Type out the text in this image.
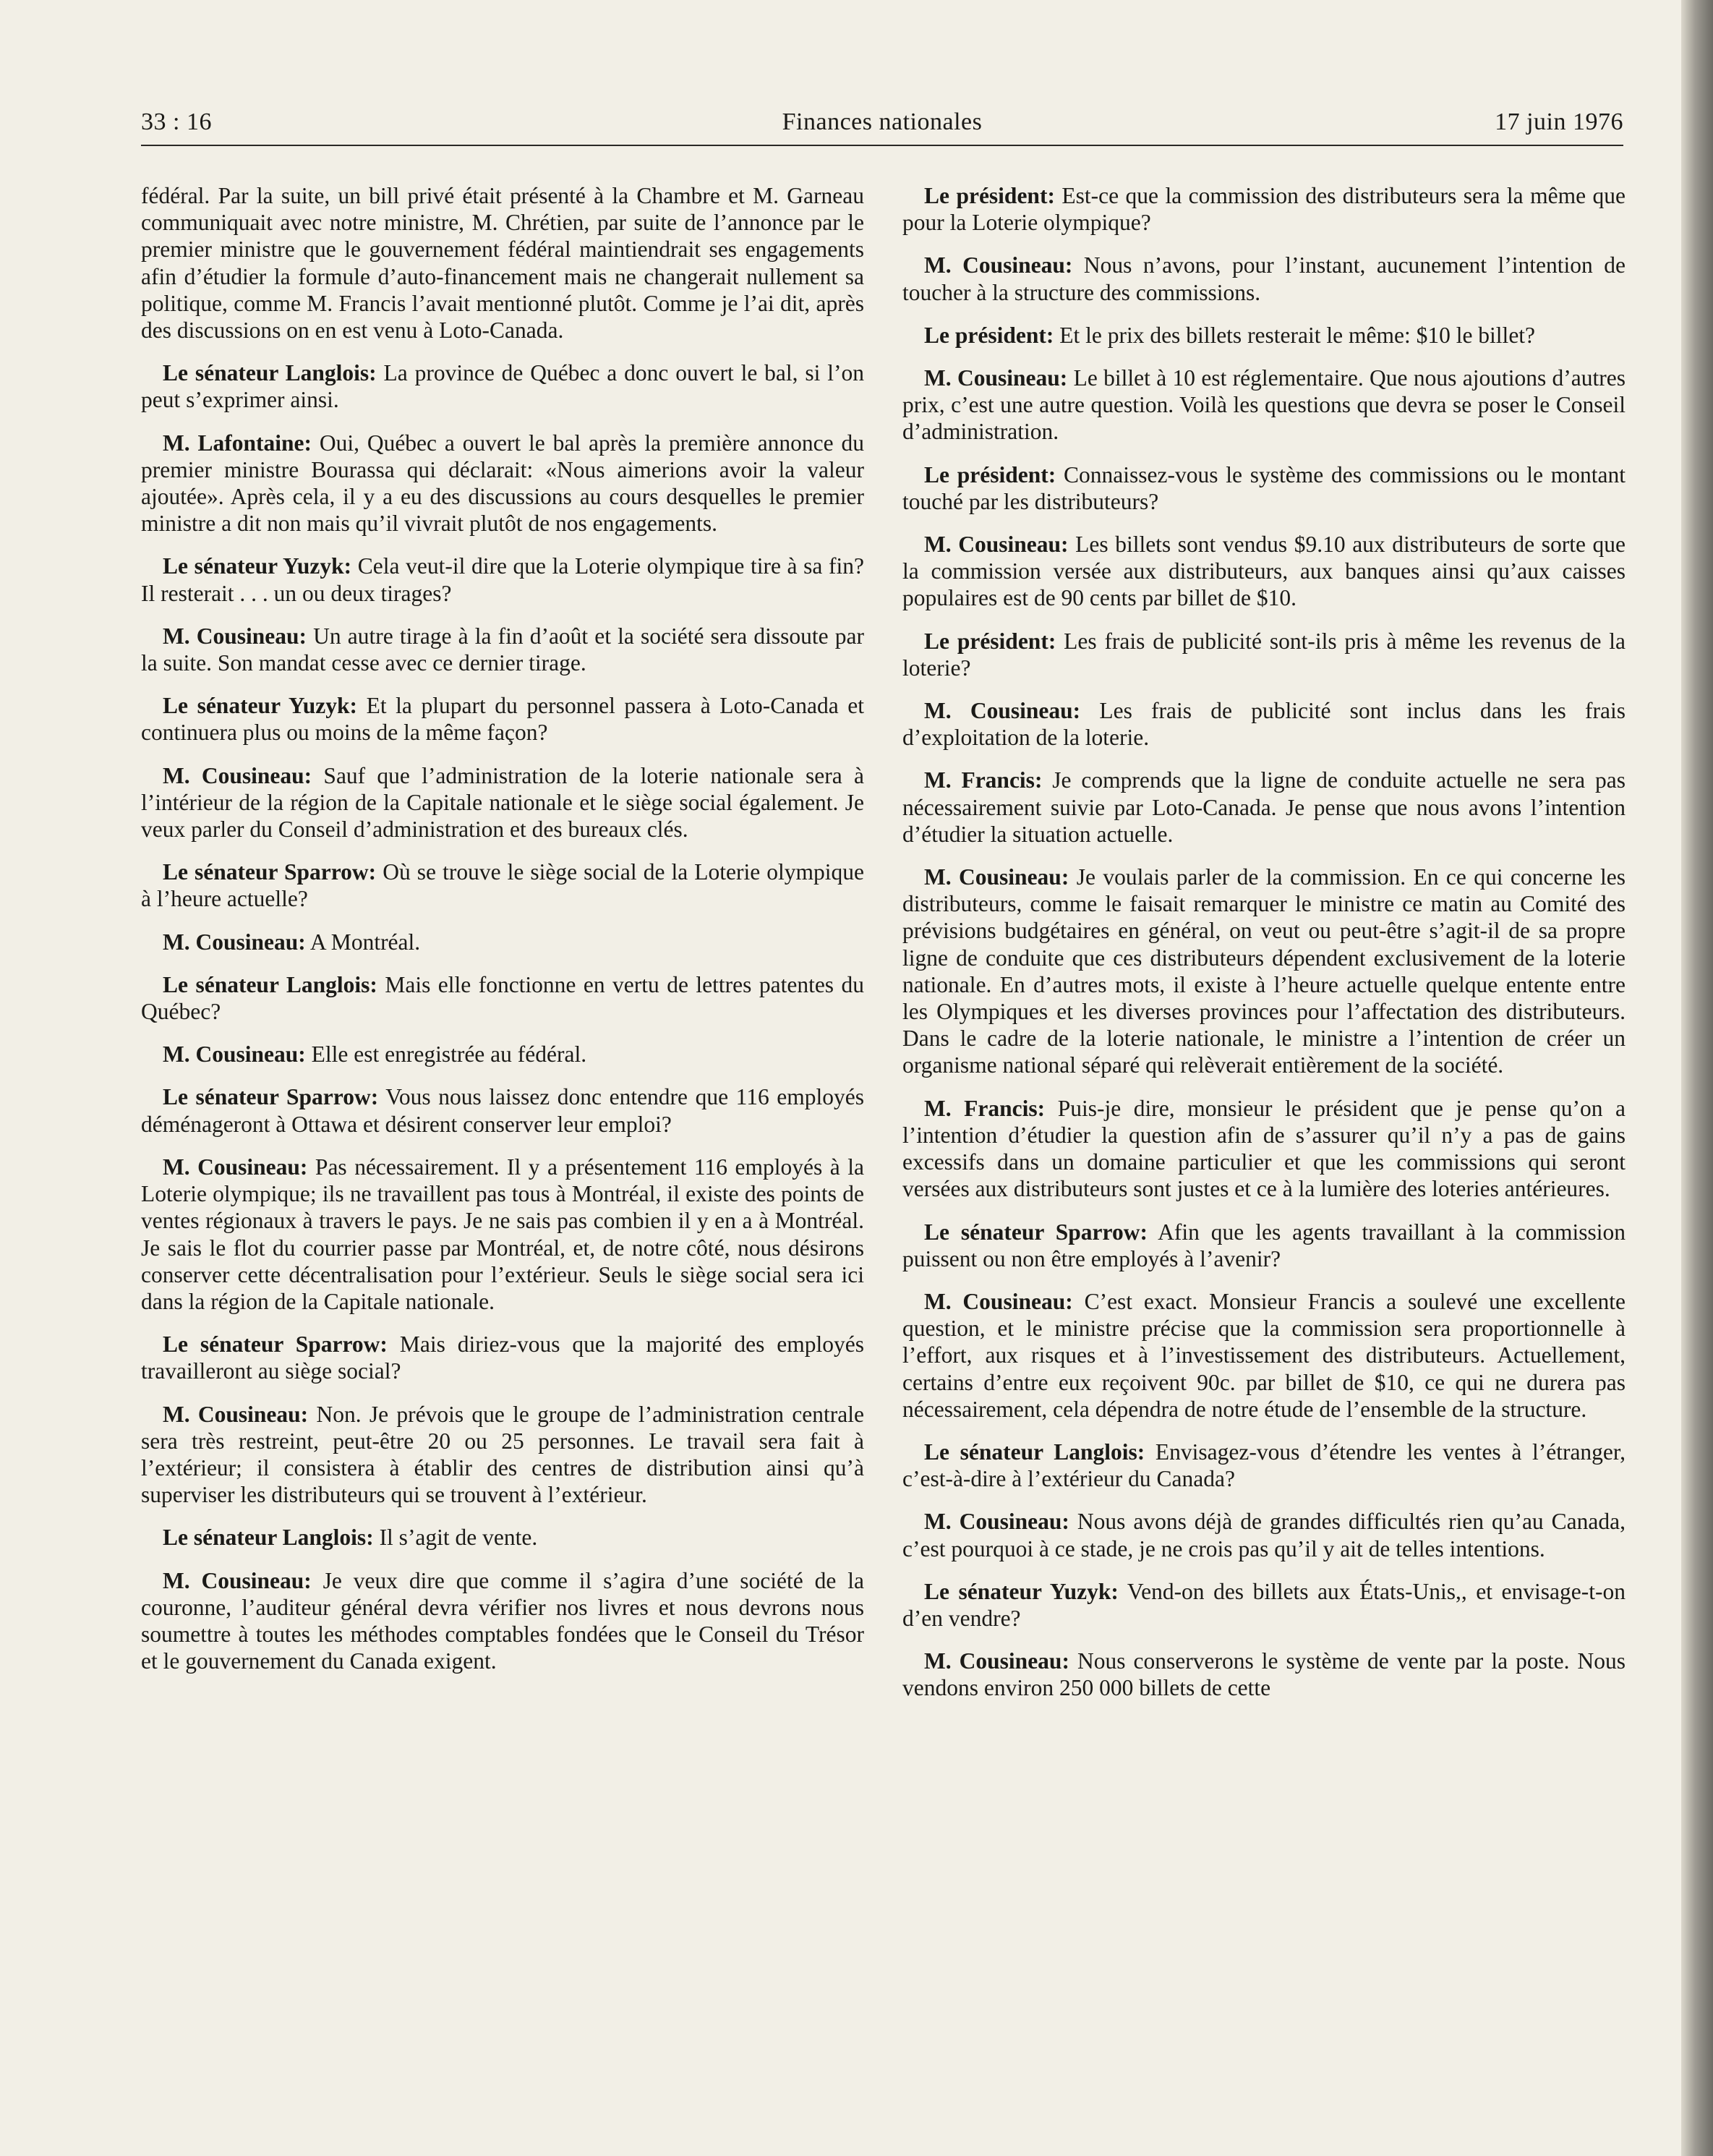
33 : 16	Finances nationales	17 juin 1976

fédéral. Par la suite, un bill privé était présenté à la Chambre et M. Garneau communiquait avec notre ministre, M. Chrétien, par suite de l’annonce par le premier ministre que le gouvernement fédéral maintiendrait ses engagements afin d’étudier la formule d’auto-financement mais ne changerait nullement sa politique, comme M. Francis l’avait mentionné plutôt. Comme je l’ai dit, après des discussions on en est venu à Loto-Canada.

Le sénateur Langlois: La province de Québec a donc ouvert le bal, si l’on peut s’exprimer ainsi.

M. Lafontaine: Oui, Québec a ouvert le bal après la première annonce du premier ministre Bourassa qui déclarait: «Nous aimerions avoir la valeur ajoutée». Après cela, il y a eu des discussions au cours desquelles le premier ministre a dit non mais qu’il vivrait plutôt de nos engagements.

Le sénateur Yuzyk: Cela veut-il dire que la Loterie olympique tire à sa fin? Il resterait . . . un ou deux tirages?

M. Cousineau: Un autre tirage à la fin d’août et la société sera dissoute par la suite. Son mandat cesse avec ce dernier tirage.

Le sénateur Yuzyk: Et la plupart du personnel passera à Loto-Canada et continuera plus ou moins de la même façon?

M. Cousineau: Sauf que l’administration de la loterie nationale sera à l’intérieur de la région de la Capitale nationale et le siège social également. Je veux parler du Conseil d’administration et des bureaux clés.

Le sénateur Sparrow: Où se trouve le siège social de la Loterie olympique à l’heure actuelle?

M. Cousineau: A Montréal.

Le sénateur Langlois: Mais elle fonctionne en vertu de lettres patentes du Québec?

M. Cousineau: Elle est enregistrée au fédéral.

Le sénateur Sparrow: Vous nous laissez donc entendre que 116 employés déménageront à Ottawa et désirent conserver leur emploi?

M. Cousineau: Pas nécessairement. Il y a présentement 116 employés à la Loterie olympique; ils ne travaillent pas tous à Montréal, il existe des points de ventes régionaux à travers le pays. Je ne sais pas combien il y en a à Montréal. Je sais le flot du courrier passe par Montréal, et, de notre côté, nous désirons conserver cette décentralisation pour l’extérieur. Seuls le siège social sera ici dans la région de la Capitale nationale.

Le sénateur Sparrow: Mais diriez-vous que la majorité des employés travailleront au siège social?

M. Cousineau: Non. Je prévois que le groupe de l’administration centrale sera très restreint, peut-être 20 ou 25 personnes. Le travail sera fait à l’extérieur; il consistera à établir des centres de distribution ainsi qu’à superviser les distributeurs qui se trouvent à l’extérieur.

Le sénateur Langlois: Il s’agit de vente.

M. Cousineau: Je veux dire que comme il s’agira d’une société de la couronne, l’auditeur général devra vérifier nos livres et nous devrons nous soumettre à toutes les méthodes comptables fondées que le Conseil du Trésor et le gouvernement du Canada exigent.

Le président: Est-ce que la commission des distributeurs sera la même que pour la Loterie olympique?

M. Cousineau: Nous n’avons, pour l’instant, aucunement l’intention de toucher à la structure des commissions.

Le président: Et le prix des billets resterait le même: $10 le billet?

M. Cousineau: Le billet à 10 est réglementaire. Que nous ajoutions d’autres prix, c’est une autre question. Voilà les questions que devra se poser le Conseil d’administration.

Le président: Connaissez-vous le système des commissions ou le montant touché par les distributeurs?

M. Cousineau: Les billets sont vendus $9.10 aux distributeurs de sorte que la commission versée aux distributeurs, aux banques ainsi qu’aux caisses populaires est de 90 cents par billet de $10.

Le président: Les frais de publicité sont-ils pris à même les revenus de la loterie?

M. Cousineau: Les frais de publicité sont inclus dans les frais d’exploitation de la loterie.

M. Francis: Je comprends que la ligne de conduite actuelle ne sera pas nécessairement suivie par Loto-Canada. Je pense que nous avons l’intention d’étudier la situation actuelle.

M. Cousineau: Je voulais parler de la commission. En ce qui concerne les distributeurs, comme le faisait remarquer le ministre ce matin au Comité des prévisions budgétaires en général, on veut ou peut-être s’agit-il de sa propre ligne de conduite que ces distributeurs dépendent exclusivement de la loterie nationale. En d’autres mots, il existe à l’heure actuelle quelque entente entre les Olympiques et les diverses provinces pour l’affectation des distributeurs. Dans le cadre de la loterie nationale, le ministre a l’intention de créer un organisme national séparé qui relèverait entièrement de la société.

M. Francis: Puis-je dire, monsieur le président que je pense qu’on a l’intention d’étudier la question afin de s’assurer qu’il n’y a pas de gains excessifs dans un domaine particulier et que les commissions qui seront versées aux distributeurs sont justes et ce à la lumière des loteries antérieures.

Le sénateur Sparrow: Afin que les agents travaillant à la commission puissent ou non être employés à l’avenir?

M. Cousineau: C’est exact. Monsieur Francis a soulevé une excellente question, et le ministre précise que la commission sera proportionnelle à l’effort, aux risques et à l’investissement des distributeurs. Actuellement, certains d’entre eux reçoivent 90c. par billet de $10, ce qui ne durera pas nécessairement, cela dépendra de notre étude de l’ensemble de la structure.

Le sénateur Langlois: Envisagez-vous d’étendre les ventes à l’étranger, c’est-à-dire à l’extérieur du Canada?

M. Cousineau: Nous avons déjà de grandes difficultés rien qu’au Canada, c’est pourquoi à ce stade, je ne crois pas qu’il y ait de telles intentions.

Le sénateur Yuzyk: Vend-on des billets aux États-Unis,, et envisage-t-on d’en vendre?

M. Cousineau: Nous conserverons le système de vente par la poste. Nous vendons environ 250 000 billets de cette
